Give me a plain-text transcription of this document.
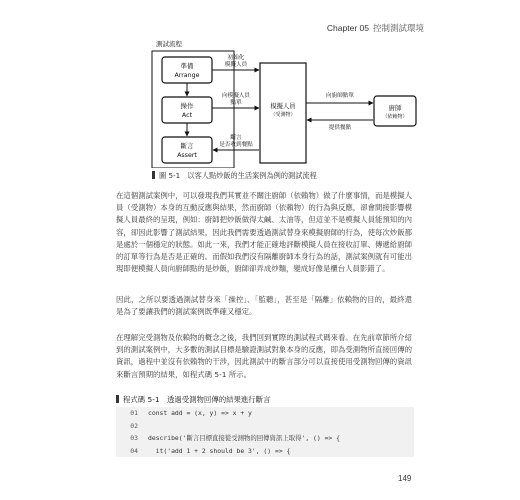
Chapter 05 控制測試環境
測試流程
準備
Arrange
操作
Act
斷言
Assert
模擬人員
（受測物）
廚師
（依賴物）
初始化
模擬人員
向模擬人員
點單
斷言
是否收到餐點
向廚師點單
提供餐點
圖 5-1　以客人點炒飯的生活案例為例的測試流程
在這個測試案例中，可以發現我們其實並不關注廚師（依賴物）做了什麼事情，而是模擬人員（受測物）本身的互動反應與結果，然而廚師（依賴物）的行為與反應，卻會間接影響模擬人員最終的呈現，例如：廚師把炒飯做得太鹹、太油等，但這並不是模擬人員能預知的內容，卻因此影響了測試結果，因此我們需要透過測試替身來模擬廚師的行為，使每次炒飯都是處於一個穩定的狀態。如此一來，我們才能正確地評斷模擬人員在接收訂單、傳遞給廚師的訂單等行為是否是正確的。而假如我們沒有隔離廚師本身行為的話，測試案例就有可能出現即便模擬人員向廚師點的是炒飯，廚師卻弄成炒麵，變成好像是櫃台人員影錯了。
因此，之所以要透過測試替身來「操控」、「監聽」，甚至是「隔離」依賴物的目的，最終還是為了要讓我們的測試案例既準確又穩定。
在理解完受測物及依賴物的概念之後，我們回到實際的測試程式碼來看。在先前章節所介紹到的測試案例中，大多數的測試目標是驗證測試對象本身的反應，即為受測物所直接回傳的資訊，過程中並沒有依賴物的干涉，因此測試中的斷言部分可以直接使用受測物回傳的資訊來斷言預期的結果，如程式碼 5-1 所示。
程式碼 5-1　透過受測物回傳的結果進行斷言
01 const add = (x, y) => x + y
02
03 describe('斷言目標直接從受測物的回傳資訊上取得', () => {
04  it('add 1 + 2 should be 3', () => {
149
